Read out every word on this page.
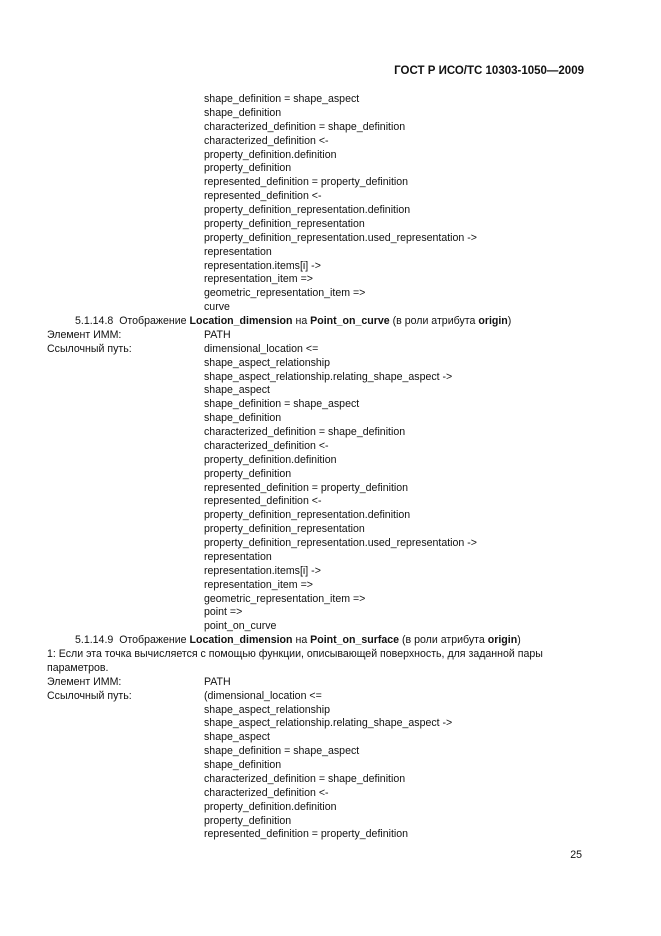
ГОСТ Р ИСО/ТС 10303-1050—2009
shape_definition = shape_aspect
shape_definition
characterized_definition = shape_definition
characterized_definition <-
property_definition.definition
property_definition
represented_definition = property_definition
represented_definition <-
property_definition_representation.definition
property_definition_representation
property_definition_representation.used_representation ->
representation
representation.items[i] ->
representation_item =>
geometric_representation_item =>
curve
5.1.14.8 Отображение Location_dimension на Point_on_curve (в роли атрибута origin)
Элемент ИММ:	PATH
Ссылочный путь:	dimensional_location <=
shape_aspect_relationship
shape_aspect_relationship.relating_shape_aspect ->
shape_aspect
shape_definition = shape_aspect
shape_definition
characterized_definition = shape_definition
characterized_definition <-
property_definition.definition
property_definition
represented_definition = property_definition
represented_definition <-
property_definition_representation.definition
property_definition_representation
property_definition_representation.used_representation ->
representation
representation.items[i] ->
representation_item =>
geometric_representation_item =>
point =>
point_on_curve
5.1.14.9 Отображение Location_dimension на Point_on_surface (в роли атрибута origin)
1: Если эта точка вычисляется с помощью функции, описывающей поверхность, для заданной пары
параметров.
Элемент ИММ:	PATH
Ссылочный путь:	(dimensional_location <=
shape_aspect_relationship
shape_aspect_relationship.relating_shape_aspect ->
shape_aspect
shape_definition = shape_aspect
shape_definition
characterized_definition = shape_definition
characterized_definition <-
property_definition.definition
property_definition
represented_definition = property_definition
25
